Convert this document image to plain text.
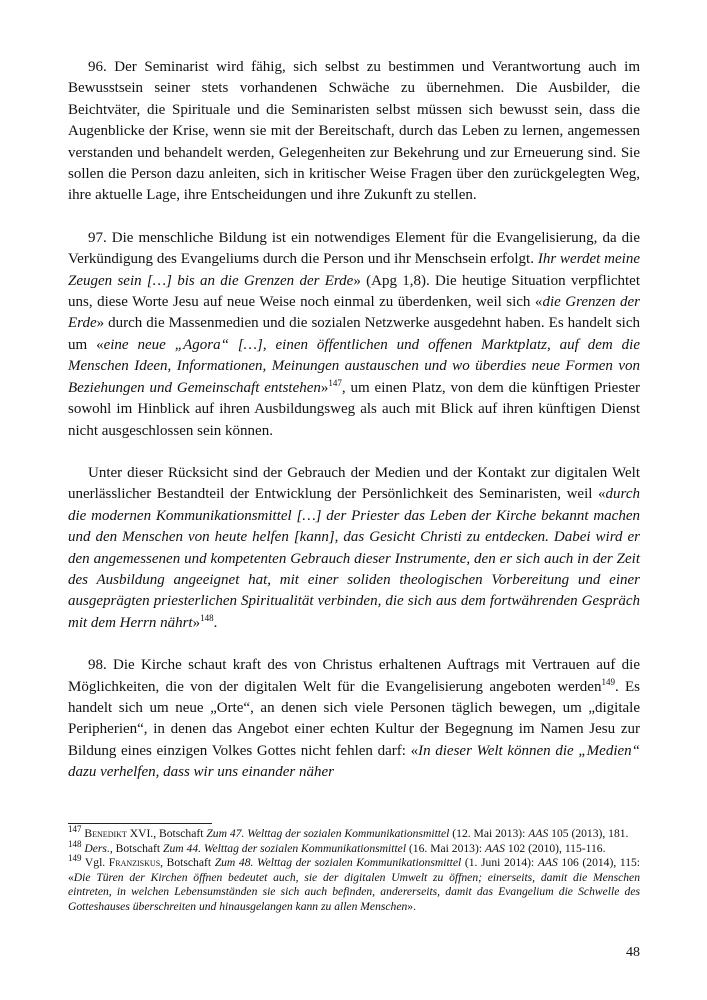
96. Der Seminarist wird fähig, sich selbst zu bestimmen und Verantwortung auch im Bewusstsein seiner stets vorhandenen Schwäche zu übernehmen. Die Ausbilder, die Beichtväter, die Spirituale und die Seminaristen selbst müssen sich bewusst sein, dass die Augenblicke der Krise, wenn sie mit der Bereitschaft, durch das Leben zu lernen, angemessen verstanden und behandelt werden, Gelegenheiten zur Bekehrung und zur Erneuerung sind. Sie sollen die Person dazu anleiten, sich in kritischer Weise Fragen über den zurückgelegten Weg, ihre aktuelle Lage, ihre Entscheidungen und ihre Zukunft zu stellen.

97. Die menschliche Bildung ist ein notwendiges Element für die Evangelisierung, da die Verkündigung des Evangeliums durch die Person und ihr Menschsein erfolgt. Ihr werdet meine Zeugen sein […] bis an die Grenzen der Erde» (Apg 1,8). Die heutige Situation verpflichtet uns, diese Worte Jesu auf neue Weise noch einmal zu überdenken, weil sich «die Grenzen der Erde» durch die Massenmedien und die sozialen Netzwerke ausgedehnt haben. Es handelt sich um «eine neue „Agora“ […], einen öffentlichen und offenen Marktplatz, auf dem die Menschen Ideen, Informationen, Meinungen austauschen und wo überdies neue Formen von Beziehungen und Gemeinschaft entstehen»$^{147}$, um einen Platz, von dem die künftigen Priester sowohl im Hinblick auf ihren Ausbildungsweg als auch mit Blick auf ihren künftigen Dienst nicht ausgeschlossen sein können.

Unter dieser Rücksicht sind der Gebrauch der Medien und der Kontakt zur digitalen Welt unerlässlicher Bestandteil der Entwicklung der Persönlichkeit des Seminaristen, weil «durch die modernen Kommunikationsmittel […] der Priester das Leben der Kirche bekannt machen und den Menschen von heute helfen [kann], das Gesicht Christi zu entdecken. Dabei wird er den angemessenen und kompetenten Gebrauch dieser Instrumente, den er sich auch in der Zeit des Ausbildung angeeignet hat, mit einer soliden theologischen Vorbereitung und einer ausgeprägten priesterlichen Spiritualität verbinden, die sich aus dem fortwährenden Gespräch mit dem Herrn nährt»$^{148}$.

98. Die Kirche schaut kraft des von Christus erhaltenen Auftrags mit Vertrauen auf die Möglichkeiten, die von der digitalen Welt für die Evangelisierung angeboten werden$^{149}$. Es handelt sich um neue „Orte“, an denen sich viele Personen täglich bewegen, um „digitale Peripherien“, in denen das Angebot einer echten Kultur der Begegnung im Namen Jesu zur Bildung eines einzigen Volkes Gottes nicht fehlen darf: «In dieser Welt können die „Medien“ dazu verhelfen, dass wir uns einander näher

$^{147}$ Benedikt XVI., Botschaft Zum 47. Welttag der sozialen Kommunikationsmittel (12. Mai 2013): AAS 105 (2013), 181.

$^{148}$ Ders., Botschaft Zum 44. Welttag der sozialen Kommunikationsmittel (16. Mai 2013): AAS 102 (2010), 115-116.

$^{149}$ Vgl. Franziskus, Botschaft Zum 48. Welttag der sozialen Kommunikationsmittel (1. Juni 2014): AAS 106 (2014), 115: «Die Türen der Kirchen öffnen bedeutet auch, sie der digitalen Umwelt zu öffnen; einerseits, damit die Menschen eintreten, in welchen Lebensumständen sie sich auch befinden, andererseits, damit das Evangelium die Schwelle des Gotteshauses überschreiten und hinausgelangen kann zu allen Menschen».

48
